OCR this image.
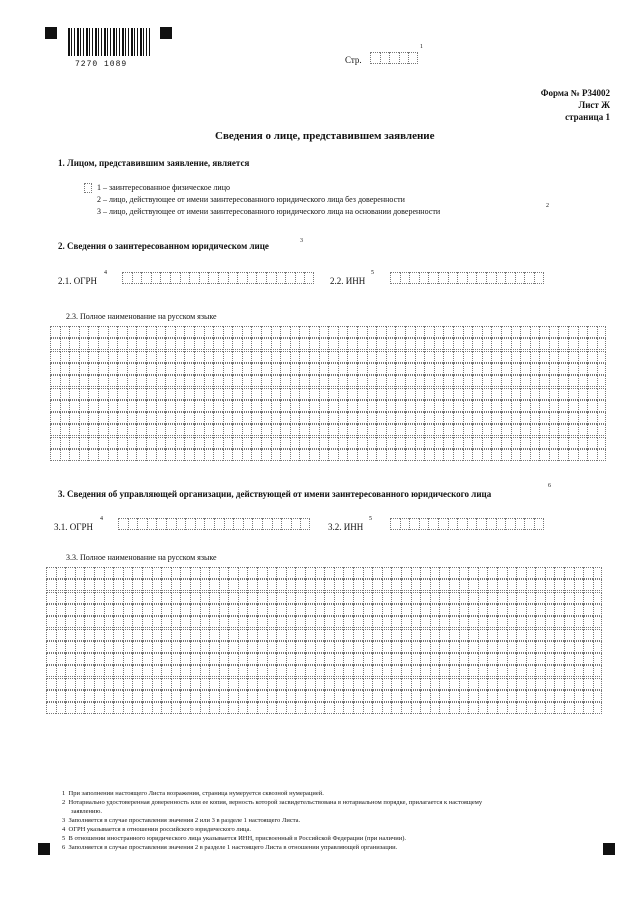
7270 1089	Стр.
1
Форма № Р34002
Лист Ж
страница 1
Сведения о лице, представившем заявление
1. Лицом, представившим заявление, является
1 – заинтересованное физическое лицо
2 – лицо, действующее от имени заинтересованного юридического лица без доверенности
3 – лицо, действующее от имени заинтересованного юридического лица на основании доверенности
2
2. Сведения о заинтересованном юридическом лице	3
2.1. ОГРН
4
2.2. ИНН
5
2.3. Полное наименование на русском языке
3. Сведения об управляющей организации, действующей от имени заинтересованного юридического лица
6
3.1. ОГРН
4
3.2. ИНН
5
3.3. Полное наименование на русском языке
1 При заполнении настоящего Листа возражения, страница нумеруется сквозной нумерацией.
2 Нотариально удостоверенная доверенность или ее копия, верность которой засвидетельствована в нотариальном порядке, прилагается к настоящему
заявлению.
3 Заполняется в случае проставления значения 2 или 3 в разделе 1 настоящего Листа.
4 ОГРН указывается в отношении российского юридического лица.
5 В отношении иностранного юридического лица указывается ИНН, присвоенный в Российской Федерации (при наличии).
6 Заполняется в случае проставления значения 2 в разделе 1 настоящего Листа в отношении управляющей организации.
